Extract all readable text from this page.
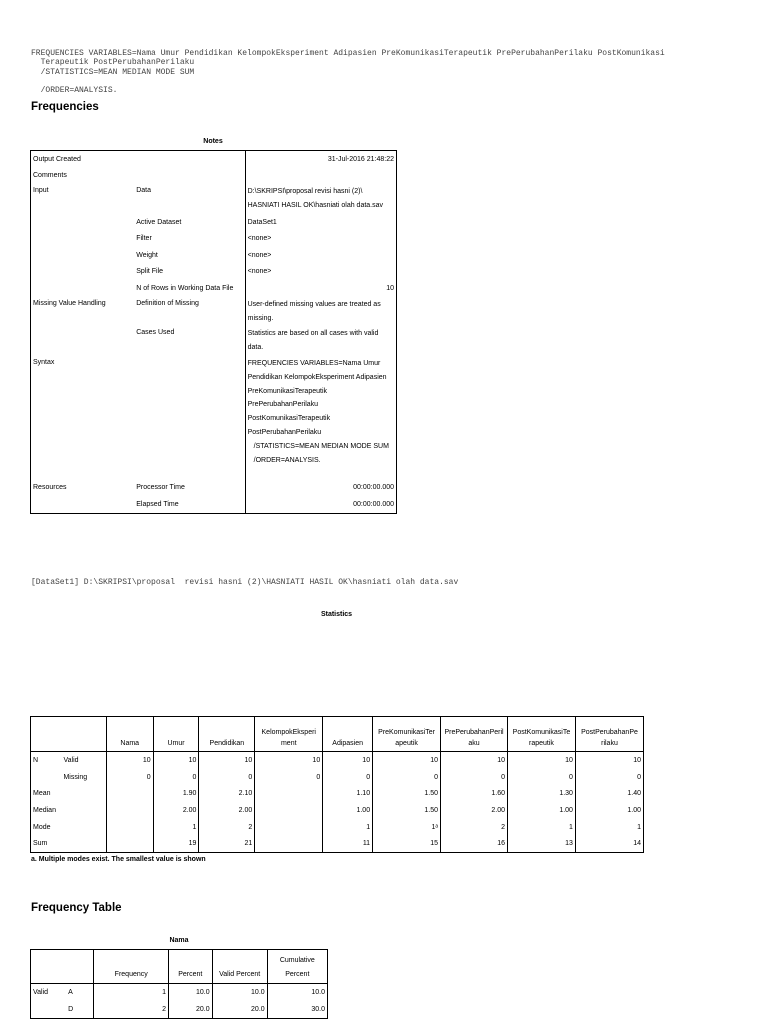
FREQUENCIES VARIABLES=Nama Umur Pendidikan KelompokEksperiment Adipasien PreKomunikasiTerapeutik PrePerubahanPerilaku PostKomunikasi
Terapeutik PostPerubahanPerilaku
/STATISTICS=MEAN MEDIAN MODE SUM
/ORDER=ANALYSIS.

Frequencies
Notes
Output Created		31-Jul-2016 21:48:22
Comments		
Input	Data	D:\SKRIPSI\proposal revisi hasni (2)\ HASNIATI HASIL OK\hasniati olah data.sav
	Active Dataset	DataSet1
	Filter	<none>
	Weight	<none>
	Split File	<none>
	N of Rows in Working Data File	10
Missing Value Handling	Definition of Missing	User-defined missing values are treated as missing.
	Cases Used	Statistics are based on all cases with valid data.
Syntax		FREQUENCIES VARIABLES=Nama Umur Pendidikan KelompokEksperiment Adipasien PreKomunikasiTerapeutik PrePerubahanPerilaku PostKomunikasiTerapeutik PostPerubahanPerilaku
/STATISTICS=MEAN MEDIAN MODE SUM
/ORDER=ANALYSIS.

Resources	Processor Time	00:00:00.000
	Elapsed Time	00:00:00.000
[DataSet1] D:\SKRIPSI\proposal  revisi hasni (2)\HASNIATI HASIL OK\hasniati olah data.sav
Statistics
		Nama	Umur	Pendidikan	KelompokEksperi ment	Adipasien	PreKomunikasiTer apeutik	PrePerubahanPeril aku	PostKomunikasiTe rapeutik	PostPerubahanPe rilaku
N	Valid	10	10	10	10	10	10	10	10	10
	Missing	0	0	0	0	0	0	0	0	0
Mean			1.90	2.10		1.10	1.50	1.60	1.30	1.40
Median			2.00	2.00		1.00	1.50	2.00	1.00	1.00
Mode			1	2		1	1ᵃ	2	1	1
Sum			19	21		11	15	16	13	14
a. Multiple modes exist. The smallest value is shown
Frequency Table
Nama
		Frequency	Percent	Valid Percent	Cumulative Percent
Valid	A	1	10.0	10.0	10.0
	D	2	20.0	20.0	30.0
